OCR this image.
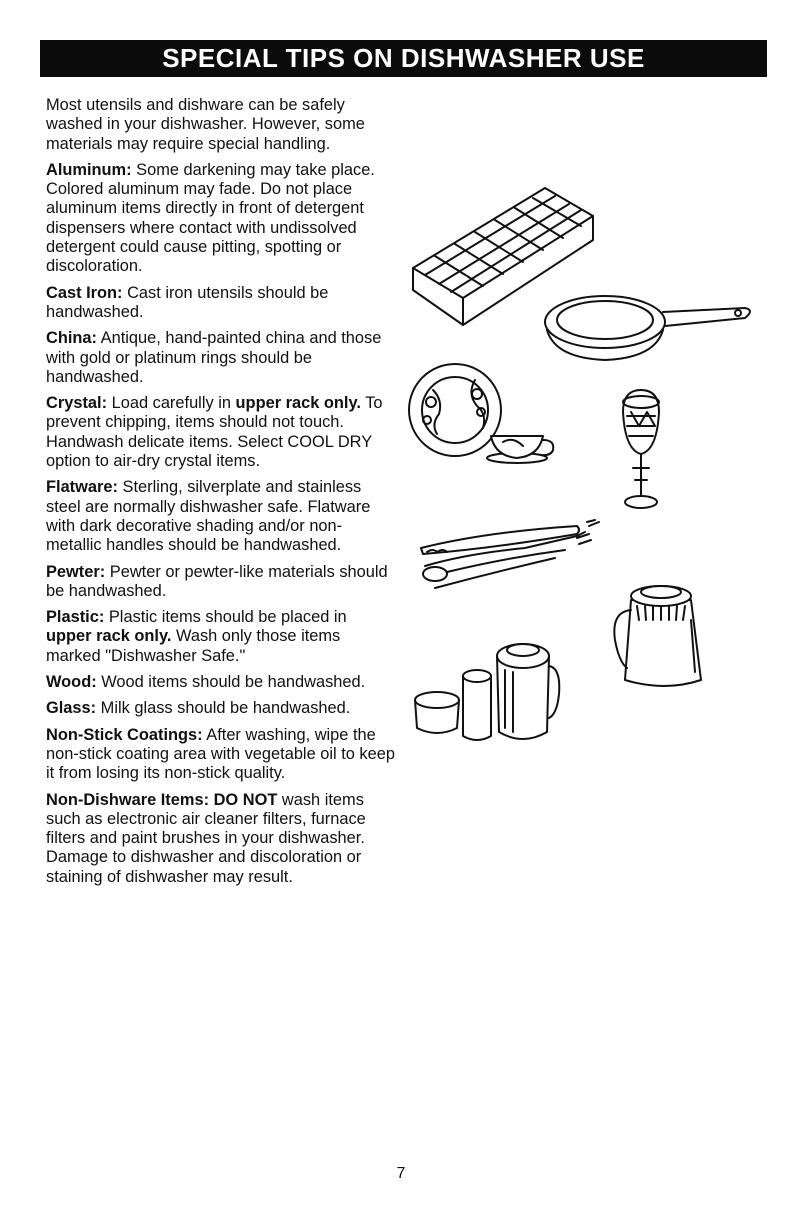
SPECIAL TIPS ON DISHWASHER USE

Most utensils and dishware can be safely washed in your dishwasher. However, some materials may require special handling.

Aluminum: Some darkening may take place. Colored aluminum may fade. Do not place aluminum items directly in front of detergent dispensers where contact with undissolved detergent could cause pitting, spotting or discoloration.

Cast Iron: Cast iron utensils should be handwashed.

China: Antique, hand-painted china and those with gold or platinum rings should be handwashed.

Crystal: Load carefully in upper rack only. To prevent chipping, items should not touch. Handwash delicate items. Select COOL DRY option to air-dry crystal items.

Flatware: Sterling, silverplate and stainless steel are normally dishwasher safe. Flatware with dark decorative shading and/or non-metallic handles should be handwashed.

Pewter: Pewter or pewter-like materials should be handwashed.

Plastic: Plastic items should be placed in upper rack only. Wash only those items marked "Dishwasher Safe."

Wood: Wood items should be handwashed.

Glass: Milk glass should be handwashed.

Non-Stick Coatings: After washing, wipe the non-stick coating area with vegetable oil to keep it from losing its non-stick quality.

Non-Dishware Items: DO NOT wash items such as electronic air cleaner filters, furnace filters and paint brushes in your dishwasher. Damage to dishwasher and discoloration or staining of dishwasher may result.

7
